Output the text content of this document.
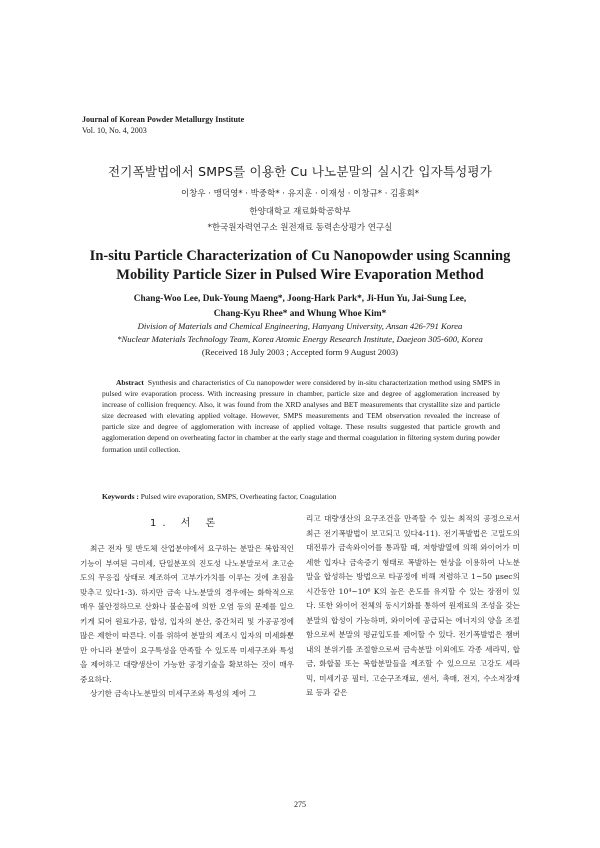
Journal of Korean Powder Metallurgy Institute
Vol. 10, No. 4, 2003
전기폭발법에서 SMPS를 이용한 Cu 나노분말의 실시간 입자특성평가
이창우 · 맹덕영* · 박중학* · 유지훈 · 이재성 · 이창규* · 김흥회*
한양대학교 재료화학공학부
*한국원자력연구소 원전재료 동력손상평가 연구실
In-situ Particle Characterization of Cu Nanopowder using Scanning Mobility Particle Sizer in Pulsed Wire Evaporation Method
Chang-Woo Lee, Duk-Young Maeng*, Joong-Hark Park*, Ji-Hun Yu, Jai-Sung Lee,
Chang-Kyu Rhee* and Whung Whoe Kim*
Division of Materials and Chemical Engineering, Hanyang University, Ansan 426-791 Korea
*Nuclear Materials Technology Team, Korea Atomic Energy Research Institute, Daejeon 305-600, Korea
(Received 18 July 2003 ; Accepted form 9 August 2003)
Abstract Synthesis and characteristics of Cu nanopowder were considered by in-situ characterization method using SMPS in pulsed wire evaporation process. With increasing pressure in chamber, particle size and degree of agglomeration increased by increase of collision frequency. Also, it was found from the XRD analyses and BET measurements that crystallite size and particle size decreased with elevating applied voltage. However, SMPS measurements and TEM observation revealed the increase of particle size and degree of agglomeration with increase of applied voltage. These results suggested that particle growth and agglomeration depend on overheating factor in chamber at the early stage and thermal coagulation in filtering system during powder formation until collection.
Keywords : Pulsed wire evaporation, SMPS, Overheating factor, Coagulation
1. 서 론

최근 전자 및 반도체 산업분야에서 요구하는 분말은 복합적인 기능이 부여된 극미세, 단일분포의 진도성 나노분말로서 초고순도의 무응집 상태로 제조하여 고부가가치를 이루는 것에 초점을 맞추고 있다1-3). 하지만 금속 나노분말의 경우에는 화학적으로 매우 불안정하므로 산화나 불순물에 의한 오염 등의 문제를 일으키게 되어 원료가공, 합성, 입자의 분산, 중간처리 및 가공공정에 많은 제한이 따른다. 이를 위하여 분말의 제조시 입자의 미세화뿐만 아니라 분말이 요구특성을 만족할 수 있도록 미세구조와 특성을 제어하고 대량생산이 가능한 공정기술을 확보하는 것이 매우 중요하다.

상기한 금속나노분말의 미세구조와 특성의 제어 그

리고 대량생산의 요구조건을 만족할 수 있는 최적의 공정으로서 최근 전기폭발법이 보고되고 있다4-11). 전기폭발법은 고밀도의 대전류가 금속와이어를 통과할 때, 저항발열에 의해 와이어가 미세한 입자나 금속증기 형태로 폭발하는 현상을 이용하여 나노분말을 합성하는 방법으로 타공정에 비해 저렴하고 1~50 μsec의 시간동안 10⁴~10⁶ K의 높은 온도를 유지할 수 있는 장점이 있다. 또한 와이어 전체의 동시기화를 통하여 원재료의 조성을 갖는 분말의 합성이 가능하며, 와이어에 공급되는 에너지의 양을 조절함으로써 분말의 평균입도를 제어할 수 있다. 전기폭발법은 챔버내의 분위기를 조절함으로써 금속분말 이외에도 각종 세라믹, 합금, 화합물 또는 복합분말들을 제조할 수 있으므로 고강도 세라믹, 미세기공 필터, 고순구조재료, 센서, 촉매, 전지, 수소저장재료 등과 같은

275
